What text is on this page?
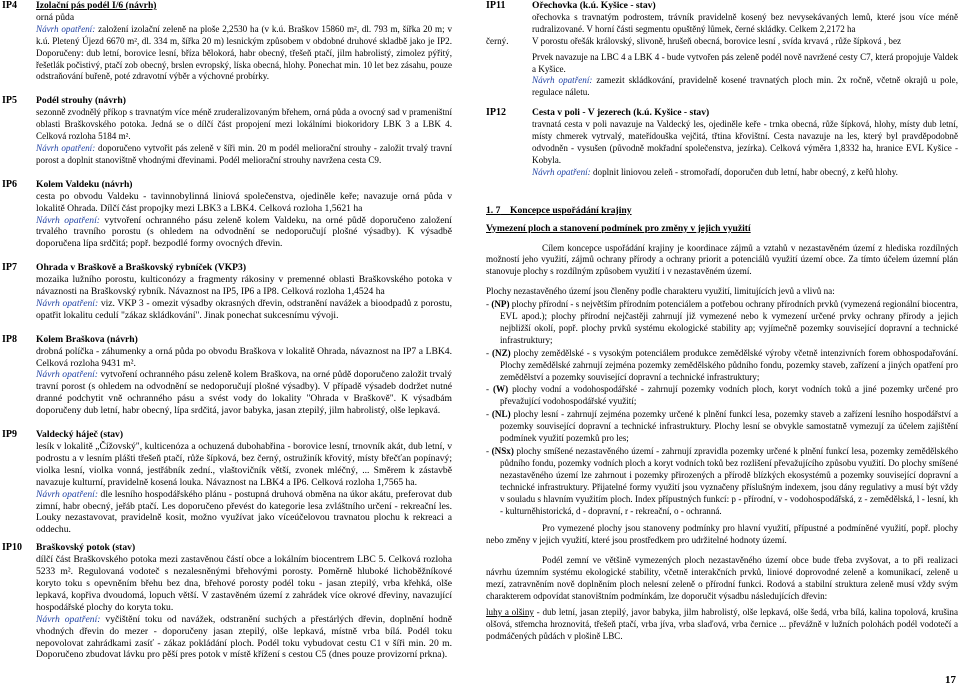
IP4 Izolační pás podél I/6 (návrh)

orná půda

Návrh opatření: založení izolační zeleně na ploše 2,2530 ha (v k.ú. Braškov 15860 m², dl. 793 m, šířka 20 m; v k.ú. Pletený Újezd 6670 m², dl. 334 m, šířka 20 m) lesnickým způsobem v obdobné druhové skladbě jako je IP2. Doporučeny: dub letní, borovice lesní, bříza bělokorá, habr obecný, třešeň ptačí, jilm habrolistý, zimolez pýřitý, řešetlák počistivý, ptačí zob obecný, brslen evropský, líska obecná, hlohy. Ponechat min. 10 let bez zásahu, pouze odstraňování buřeně, poté zdravotní výběr a výchovné probírky.

IP5 Podél strouhy (návrh)

sezonně zvodnělý příkop s travnatým více méně zruderalizovaným břehem, orná půda a ovocný sad v prameništní oblasti Braškovského potoka. Jedná se o dílčí část propojení mezi lokálními biokoridory LBK 3 a LBK 4. Celková rozloha 5184 m².

Návrh opatření: doporučeno vytvořit pás zeleně v šíři min. 20 m podél meliorační strouhy - založit trvalý travní porost a doplnit stanovištně vhodnými dřevinami. Podél meliorační strouhy navržena cesta C9.

IP6 Kolem Valdeku (návrh)

cesta po obvodu Valdeku - tavinnobylinná liniová společenstva, ojediněle keře; navazuje orná půda v lokalitě Ohrada. Dílčí část propojky mezi LBK3 a LBK4. Celková rozloha 1,5621 ha

Návrh opatření: vytvoření ochranného pásu zeleně kolem Valdeku, na orné půdě doporučeno založení trvalého travního porostu (s ohledem na odvodnění se nedoporučují plošné výsadby). K výsadbě doporučena lípa srdčitá; popř. bezpodlé formy ovocných dřevin.

IP7 Ohrada v Braškově a Braškovský rybníček (VKP3)

mozaika lužního porostu, kulticonózy a fragmenty rákosiny v premenné oblasti Braškovského potoka v návaznosti na Braškovský rybník. Návaznost na IP5, IP6 a IP8. Celková rozloha 1,4524 ha

Návrh opatření: viz. VKP 3 - omezit výsadby okrasných dřevin, odstranění navážek a bioodpadů z porostu, opatřit lokalitu cedulí "zákaz skládkování". Jinak ponechat sukcesnímu vývoji.

IP8 Kolem Braškova (návrh)

drobná políčka - záhumenky a orná půda po obvodu Braškova v lokalitě Ohrada, návaznost na IP7 a LBK4. Celková rozloha 9431 m².

Návrh opatření: vytvoření ochranného pásu zeleně kolem Braškova, na orné půdě doporučeno založit trvalý travní porost (s ohledem na odvodnění se nedoporučují plošné výsadby). V případě výsadeb dodržet nutné dranné podchytit vně ochranného pásu a svést vody do lokality "Ohrada v Braškově". K výsadbám doporučeny dub letní, habr obecný, lípa srdčitá, javor babyka, jasan ztepilý, jilm habrolistý, olše lepkavá.

IP9 Valdecký háječ (stav)

lesík v lokalitě „Čížovský", kulticenóza a ochuzená dubohabřina - borovice lesní, trnovník akát, dub letní, v podrostu a v lesním plášti třešeň ptačí, růže šípková, bez černý, ostružiník křovitý, místy břečťan popínavý; violka lesní, violka vonná, jestřábník zední., vlaštovičník větší, zvonek mléčný, ... Směrem k zástavbě navazuje kulturní, pravidelně kosená louka. Návaznost na LBK4 a IP6. Celková rozloha 1,7565 ha.

Návrh opatření: dle lesního hospodářského plánu - postupná druhová obměna na úkor akátu, preferovat dub zimní, habr obecný, jeřáb ptačí. Les doporučeno převést do kategorie lesa zvláštního určení - rekreační les. Louky nezastavovat, pravidelně kosit, možno využívat jako víceúčelovou travnatou plochu k rekreaci a oddechu.

IP10 Braškovský potok (stav)

dílčí část Braškovského potoka mezi zastavěnou částí obce a lokálním biocentrem LBC 5. Celková rozloha 5233 m². Regulovaná vodoteč s nezalesněnými břehovými porosty. Poměrně hluboké lichoběžníkové koryto toku s opevněním břehu bez dna, břehové porosty podél toku - jasan ztepilý, vrba křehká, olše lepkavá, kopřiva dvoudomá, lopuch větší. V zastavěném území z zahrádek více okrové dřeviny, navazující hospodářské plochy do koryta toku.

Návrh opatření: vyčištění toku od navážek, odstranění suchých a přestárlých dřevin, doplnění hodně vhodných dřevin do mezer - doporučeny jasan ztepilý, olše lepkavá, místně vrba bílá. Podél toku nepovolovat zahrádkami zasíť - zákaz pokládání ploch. Podél toku vybudovat cestu C1 v šíři min. 20 m. Doporučeno zbudovat lávku pro pěší pres potok v místě křížení s cestou C5 (dnes pouze provizorní prkna).

IP11	Ořechovka (k.ú. Kyšice - stav)

ořechovka s travnatým podrostem, trávník pravidelně kosený bez nevysekávaných lemů, které jsou více méně rudralizované. V horní části segmentu opuštěný lůmek, černé skládky. Celkem 2,2172 ha

černý.	V porostu ořešák královský, slivoně, hrušeň obecná, borovice lesní , svída krvavá , růže šípková , bez

Prvek navazuje na LBC 4 a LBK 4 - bude vytvořen pás zeleně podél nově navržené cesty C7, která propojuje Valdek a Kyšice.

Návrh opatření: zamezit skládkování, pravidelně kosené travnatých ploch min. 2x ročně, včetně okrajů u pole, regulace náletu.

IP12	Cesta v poli - V jezerech (k.ú. Kyšice - stav)

travnatá cesta v poli navazuje na Valdecký les, ojediněle keře - trnka obecná, růže šípková, hlohy, místy dub letní, místy chmerek vytrvalý, mateřídouška vejčitá, třtina křovištní. Cesta navazuje na les, který byl pravděpodobně odvodněn - vysušen (původně mokřadní společenstva, jezírka). Celková výměra 1,8332 ha, hranice EVL Kyšice - Kobyla.

Návrh opatření: doplnit liniovou zeleň - stromořadí, doporučen dub letní, habr obecný, z keřů hlohy.

1. 7 Koncepce uspořádání krajiny

Vymezení ploch a stanovení podmínek pro změny v jejich využití

Cílem koncepce uspořádání krajiny je koordinace zájmů a vztahů v nezastavěném území z hlediska rozdílných možností jeho využití, zájmů ochrany přírody a ochrany priorit a potenciálů využití území obce. Za tímto účelem územní plán stanovuje plochy s rozdílným způsobem využití i v nezastavěném území.

Plochy nezastavěného území jsou členěny podle charakteru využití, limitujících jevů a vlivů na:

- (NP) plochy přírodní - s největším přírodním potenciálem a potřebou ochrany přírodních prvků (vymezená regionální biocentra, EVL apod.); plochy přírodní nejčastěji zahrnují již vymezené nebo k vymezení určené prvky ochrany přírody a jejich nejbližší okolí, popř. plochy prvků systému ekologické stability ap; vyjímečně pozemky související dopravní a technické infrastruktury;

- (NZ) plochy zemědělské - s vysokým potenciálem produkce zemědělské výroby včetně intenzivních forem obhospodařování. Plochy zemědělské zahrnují zejména pozemky zemědělského půdního fondu, pozemky staveb, zařízení a jiných opatření pro zemědělství a pozemky související dopravní a technické infrastruktury;

- (W) plochy vodní a vodohospodářské - zahrnují pozemky vodních ploch, koryt vodních toků a jiné pozemky určené pro převažující vodohospodářské využití;

- (NL) plochy lesní - zahrnují zejména pozemky určené k plnění funkcí lesa, pozemky staveb a zařízení lesního hospodářství a pozemky související dopravní a technické infrastruktury. Plochy lesní se obvykle samostatně vymezují za účelem zajištění podmínek využití pozemků pro les;

- (NSx) plochy smíšené nezastavěného území - zahrnují zpravidla pozemky určené k plnění funkcí lesa, pozemky zemědělského půdního fondu, pozemky vodních ploch a koryt vodních toků bez rozlišení převažujícího způsobu využití. Do plochy smíšené nezastavěného území lze zahrnout i pozemky přirozených a přírodě blízkých ekosystémů a pozemky související dopravní a technické infrastruktury. Přijatelné formy využití jsou vyznačeny příslušným indexem, jsou dány regulativy a musí být vždy v souladu s hlavním využitím ploch. Index přípustných funkcí: p - přírodní, v - vodohospodářská, z - zemědělská, l - lesní, kh - kulturněhistorická, d - dopravní, r - rekreační, o - ochranná.

Pro vymezené plochy jsou stanoveny podmínky pro hlavní využití, přípustné a podmíněné využití, popř. plochy nebo změny v jejich využití, které jsou prostředkem pro udržitelné hodnoty území.

Podél zemní ve většině vymezených ploch nezastavěného území obce bude třeba zvyšovat, a to při realizaci návrhu územním systému ekologické stability, včetně interakčních prvků, liniové doprovodné zeleně a komunikací, zeleně u mezí, zatravněním nově doplněním ploch nelesní zeleně o přírodní funkci. Rodová a stabilní struktura zeleně musí vždy svým charakterem odpovídat stanovištním podmínkám, lze doporučit výsadbu následujících dřevin:

luhy a olšiny - dub letní, jasan ztepilý, javor babyka, jilm habrolistý, olše lepkavá, olše šedá, vrba bílá, kalina topolová, krušina olšová, střemcha hroznovitá, třešeň ptačí, vrba jíva, vrba slaďová, vrba černice ... převážně v lužních polohách podél vodotečí a podmáčených půdách v plošině LBC.

17
